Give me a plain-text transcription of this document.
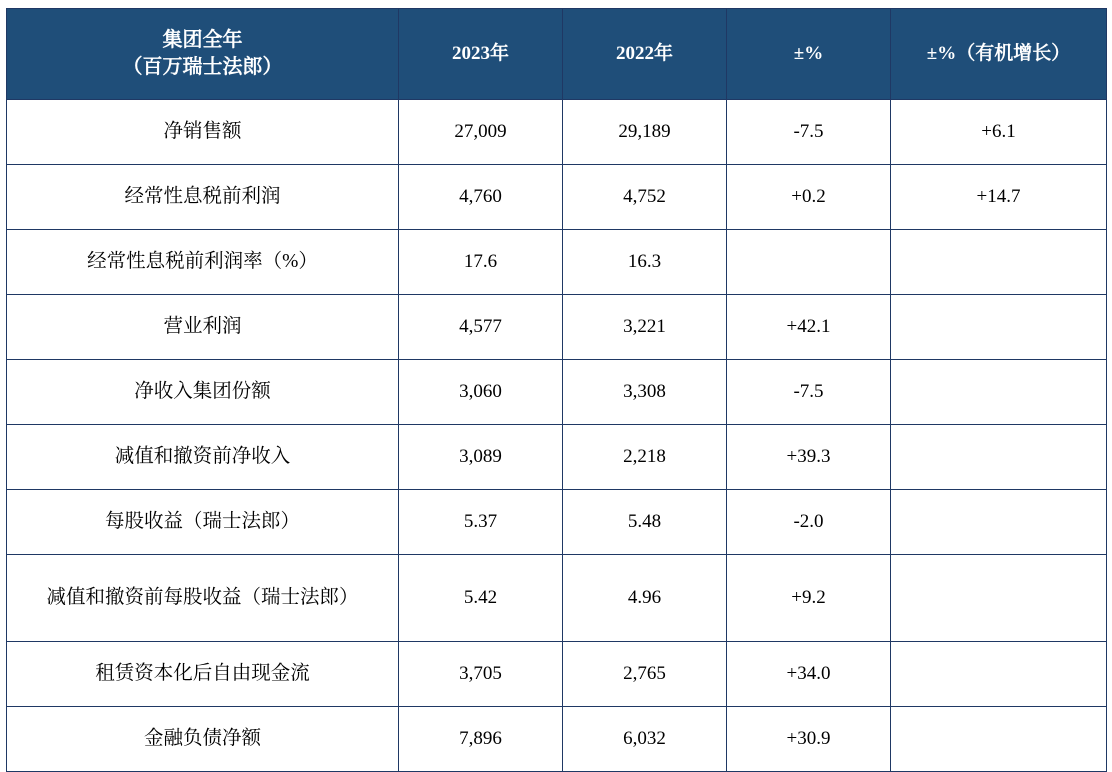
集团全年
（百万瑞士法郎）	2023年	2022年	±%	±%（有机增长）
净销售额	27,009	29,189	-7.5	+6.1
经常性息税前利润	4,760	4,752	+0.2	+14.7
经常性息税前利润率（%）	17.6	16.3		
营业利润	4,577	3,221	+42.1	
净收入集团份额	3,060	3,308	-7.5	
减值和撤资前净收入	3,089	2,218	+39.3	
每股收益（瑞士法郎）	5.37	5.48	-2.0	
减值和撤资前每股收益（瑞士法郎）	5.42	4.96	+9.2	
租赁资本化后自由现金流	3,705	2,765	+34.0	
金融负债净额	7,896	6,032	+30.9	
